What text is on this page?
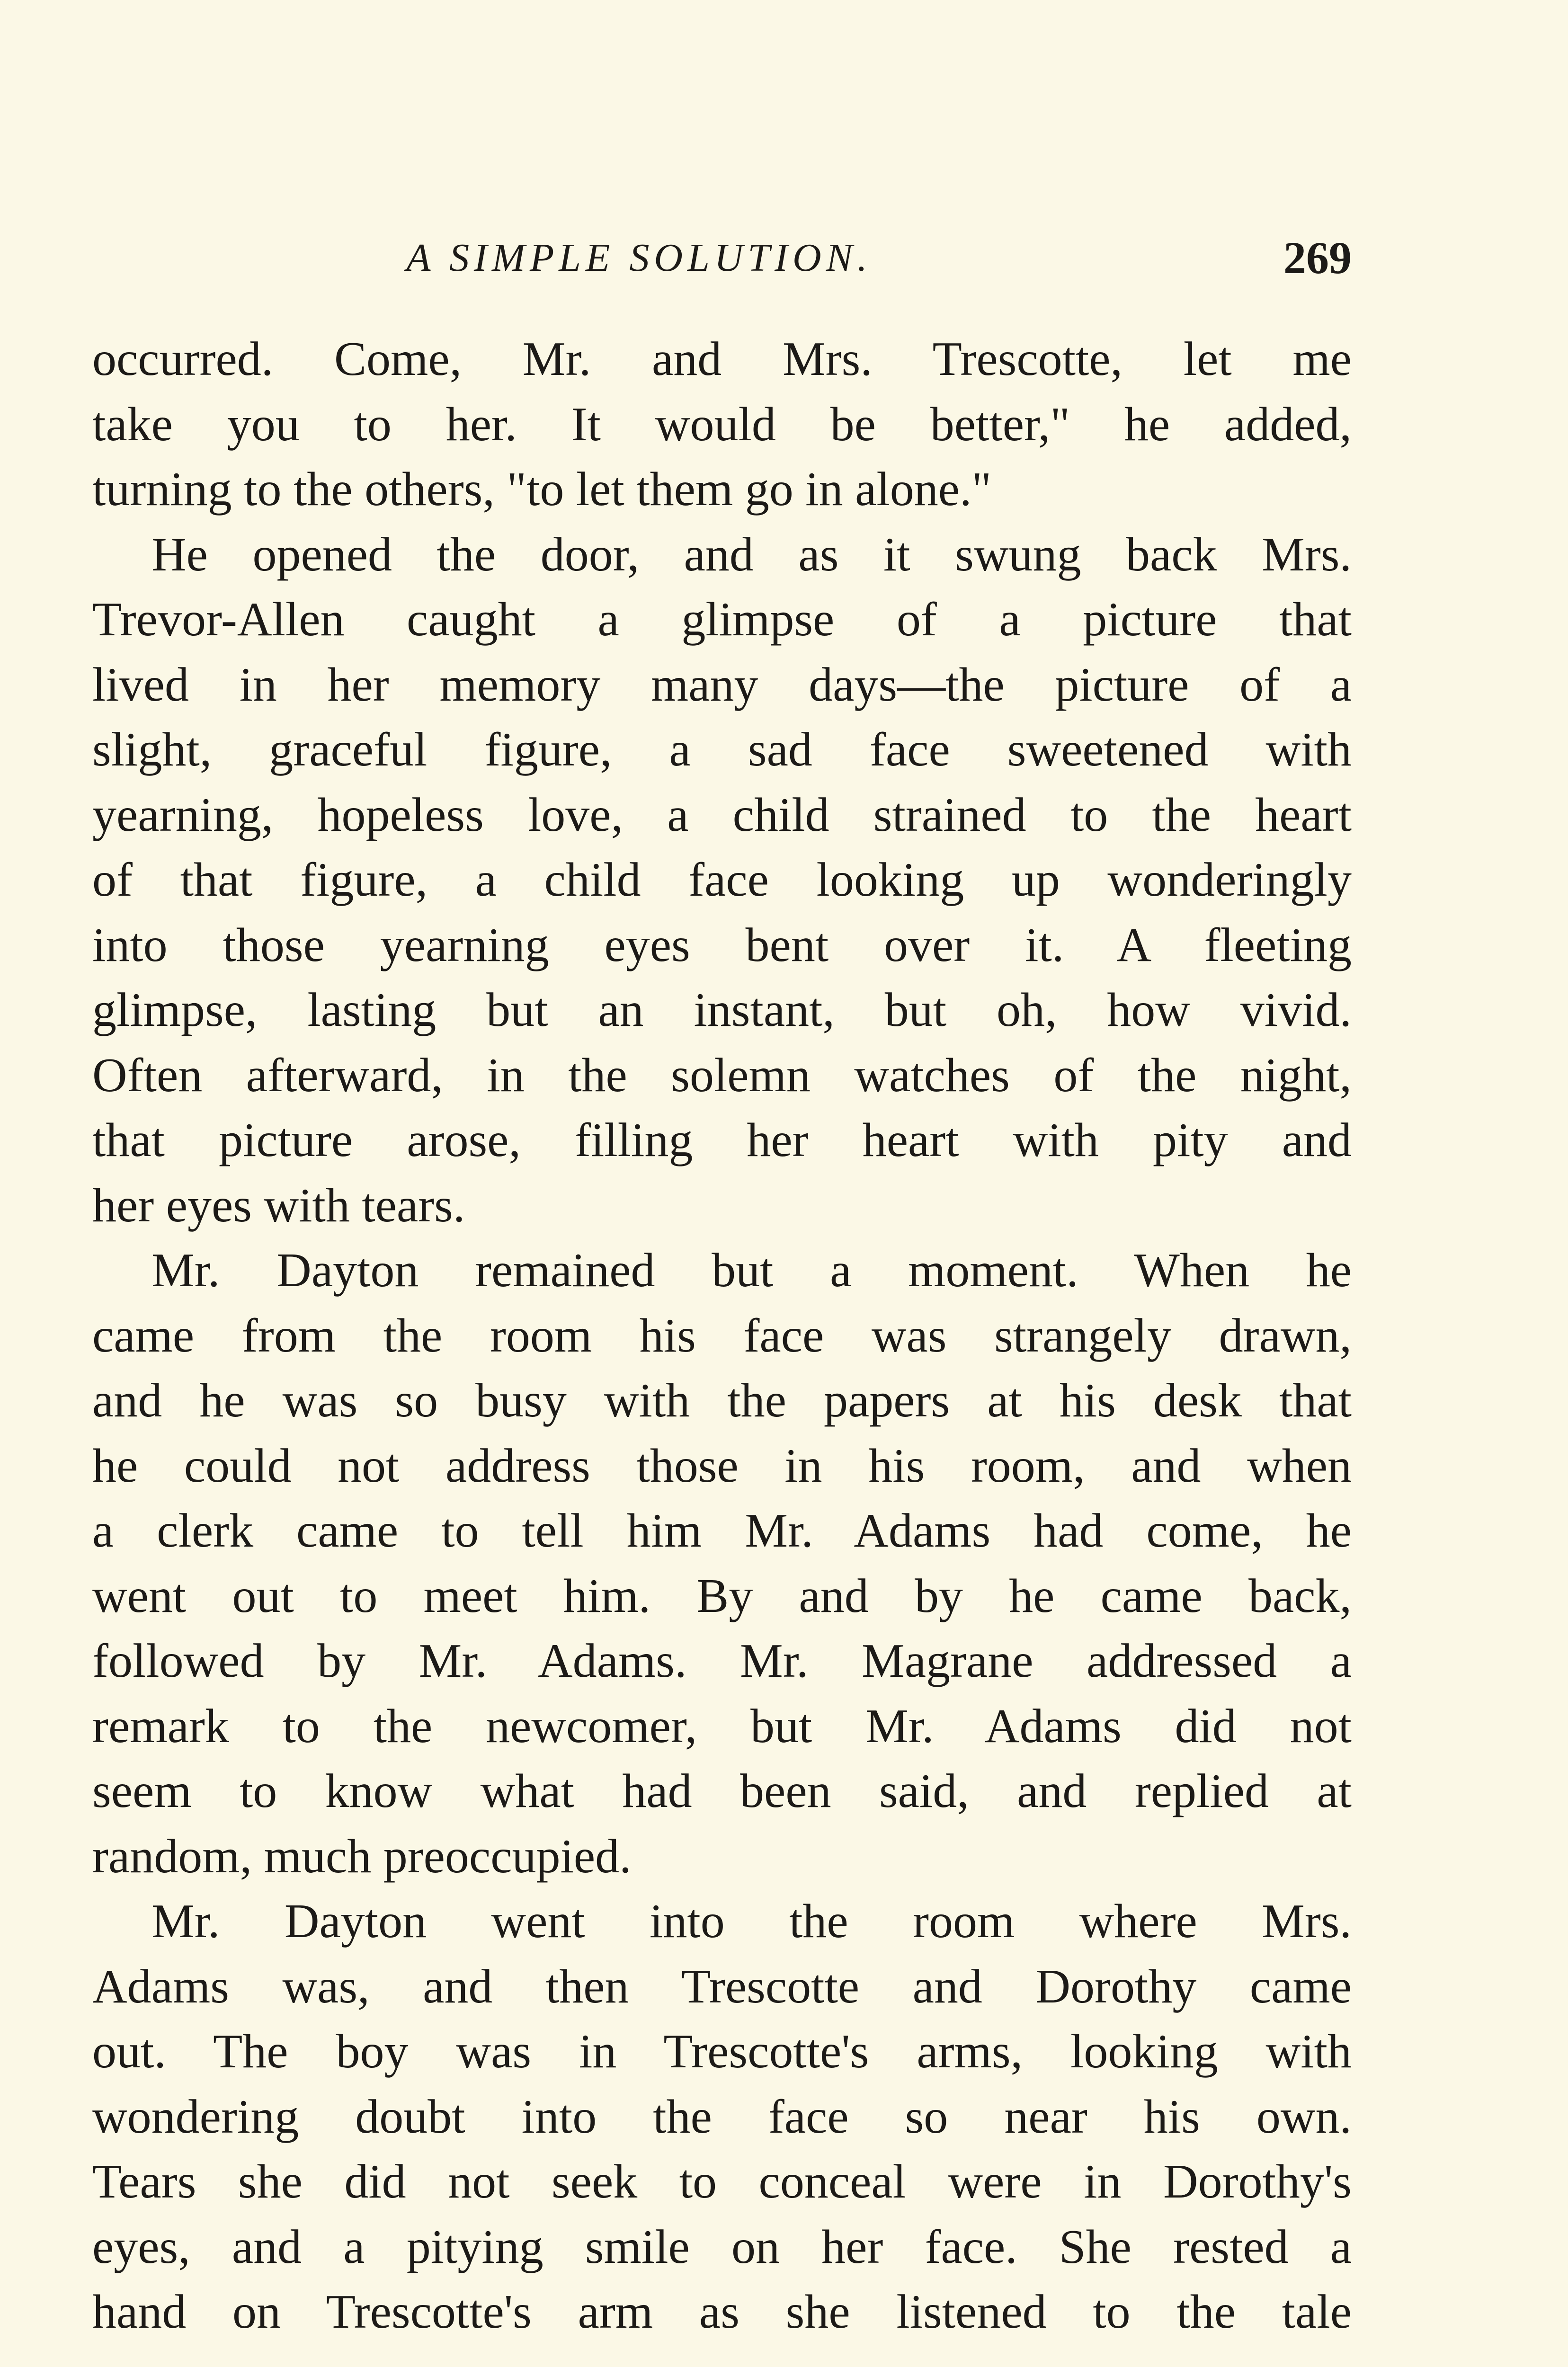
A SIMPLE SOLUTION.	269
occurred. Come, Mr. and Mrs. Trescotte, let me
take you to her. It would be better," he added,
turning to the others, "to let them go in alone."
He opened the door, and as it swung back Mrs.
Trevor-Allen caught a glimpse of a picture that
lived in her memory many days—the picture of a
slight, graceful figure, a sad face sweetened with
yearning, hopeless love, a child strained to the heart
of that figure, a child face looking up wonderingly
into those yearning eyes bent over it. A fleeting
glimpse, lasting but an instant, but oh, how vivid.
Often afterward, in the solemn watches of the night,
that picture arose, filling her heart with pity and
her eyes with tears.
Mr. Dayton remained but a moment. When he
came from the room his face was strangely drawn,
and he was so busy with the papers at his desk that
he could not address those in his room, and when
a clerk came to tell him Mr. Adams had come, he
went out to meet him. By and by he came back,
followed by Mr. Adams. Mr. Magrane addressed a
remark to the newcomer, but Mr. Adams did not
seem to know what had been said, and replied at
random, much preoccupied.
Mr. Dayton went into the room where Mrs.
Adams was, and then Trescotte and Dorothy came
out. The boy was in Trescotte's arms, looking with
wondering doubt into the face so near his own.
Tears she did not seek to conceal were in Dorothy's
eyes, and a pitying smile on her face. She rested a
hand on Trescotte's arm as she listened to the tale
